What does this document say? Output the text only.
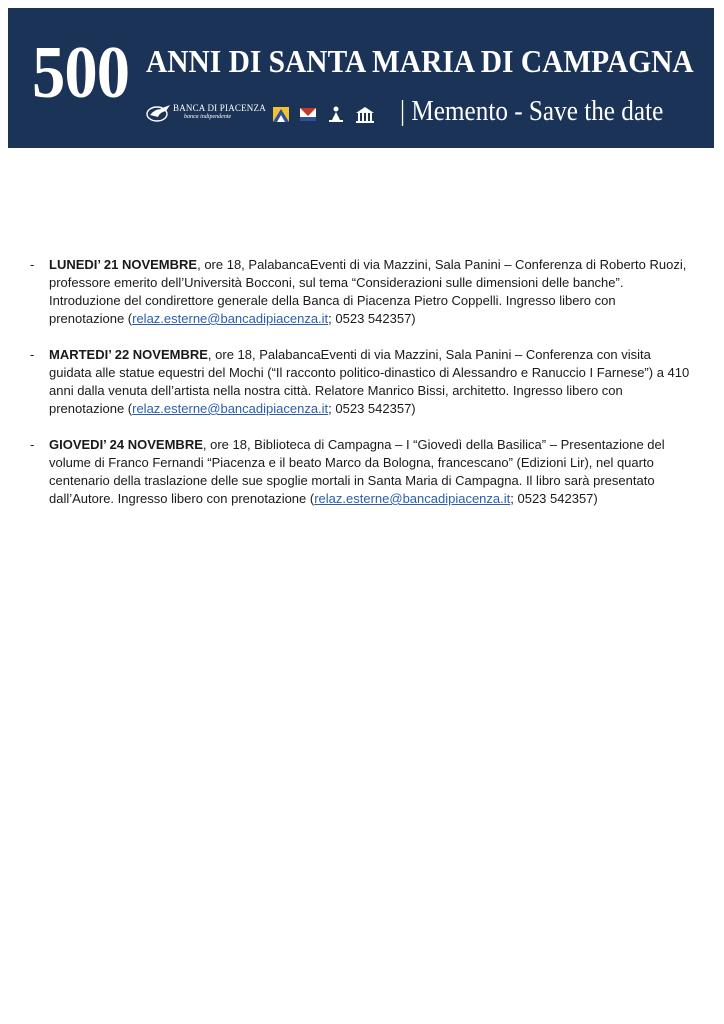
500 ANNI DI SANTA MARIA DI CAMPAGNA
BANCA DI PIACENZA
banca indipendente	| Memento - Save the date
- LUNEDI’ 21 NOVEMBRE, ore 18, PalabancaEventi di via Mazzini, Sala Panini – Conferenza di Roberto Ruozi, professore emerito dell’Università Bocconi, sul tema “Considerazioni sulle dimensioni delle banche”. Introduzione del condirettore generale della Banca di Piacenza Pietro Coppelli. Ingresso libero con prenotazione (relaz.esterne@bancadipiacenza.it; 0523 542357)
- MARTEDI’ 22 NOVEMBRE, ore 18, PalabancaEventi di via Mazzini, Sala Panini – Conferenza con visita guidata alle statue equestri del Mochi (“Il racconto politico-dinastico di Alessandro e Ranuccio I Farnese”) a 410 anni dalla venuta dell’artista nella nostra città. Relatore Manrico Bissi, architetto. Ingresso libero con prenotazione (relaz.esterne@bancadipiacenza.it; 0523 542357)
- GIOVEDI’ 24 NOVEMBRE, ore 18, Biblioteca di Campagna – I “Giovedì della Basilica” – Presentazione del volume di Franco Fernandi “Piacenza e il beato Marco da Bologna, francescano” (Edizioni Lir), nel quarto centenario della traslazione delle sue spoglie mortali in Santa Maria di Campagna. Il libro sarà presentato dall’Autore. Ingresso libero con prenotazione (relaz.esterne@bancadipiacenza.it; 0523 542357)
